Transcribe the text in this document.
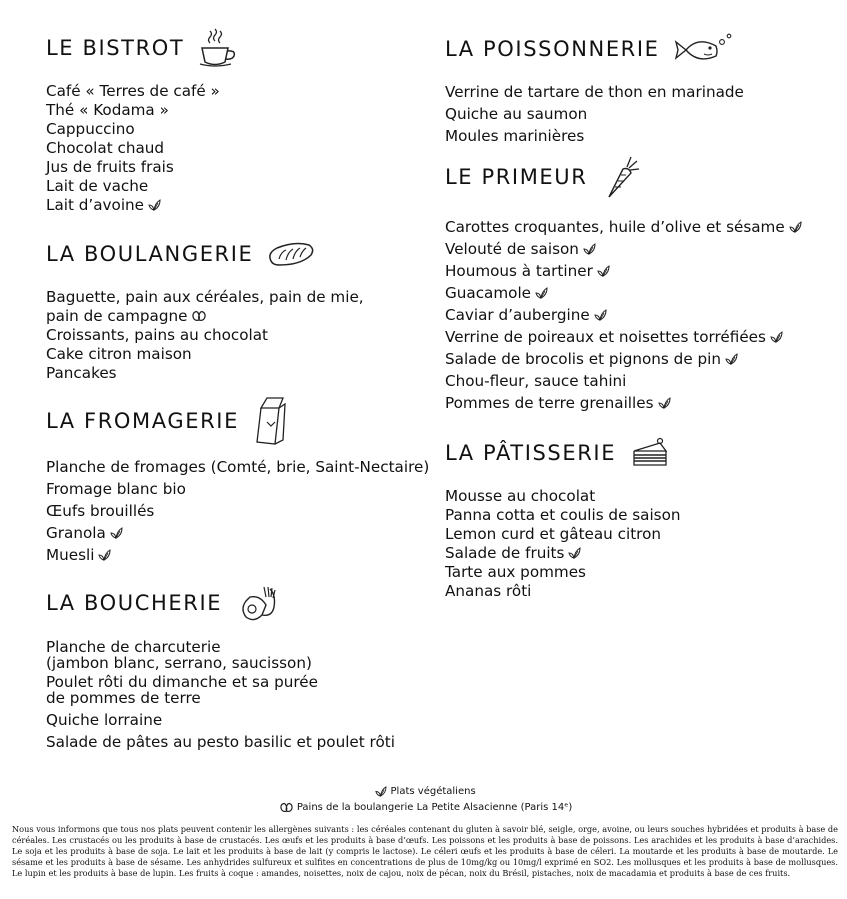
LE BISTROT
Café « Terres de café »
Thé « Kodama »
Cappuccino
Chocolat chaud
Jus de fruits frais
Lait de vache
Lait d’avoine
LA BOULANGERIE
Baguette, pain aux céréales, pain de mie,
pain de campagne
Croissants, pains au chocolat
Cake citron maison
Pancakes
LA FROMAGERIE
Planche de fromages (Comté, brie, Saint-Nectaire)
Fromage blanc bio
Œufs brouillés
Granola
Muesli
LA BOUCHERIE
Planche de charcuterie
(jambon blanc, serrano, saucisson)
Poulet rôti du dimanche et sa purée
de pommes de terre
Quiche lorraine
Salade de pâtes au pesto basilic et poulet rôti
LA POISSONNERIE
Verrine de tartare de thon en marinade
Quiche au saumon
Moules marinières
LE PRIMEUR
Carottes croquantes, huile d’olive et sésame
Velouté de saison
Houmous à tartiner
Guacamole
Caviar d’aubergine
Verrine de poireaux et noisettes torréfiées
Salade de brocolis et pignons de pin
Chou-fleur, sauce tahini
Pommes de terre grenailles
LA PÂTISSERIE
Mousse au chocolat
Panna cotta et coulis de saison
Lemon curd et gâteau citron
Salade de fruits
Tarte aux pommes
Ananas rôti
Plats végétaliens
Pains de la boulangerie La Petite Alsacienne (Paris 14ᵉ)
Nous vous informons que tous nos plats peuvent contenir les allergènes suivants : les céréales contenant du gluten à savoir blé, seigle, orge, avoine, ou leurs souches hybridées et produits à base de céréales. Les crustacés ou les produits à base de crustacés. Les œufs et les produits à base d’œufs. Les poissons et les produits à base de poissons. Les arachides et les produits à base d’arachides. Le soja et les produits à base de soja. Le lait et les produits à base de lait (y compris le lactose). Le céleri œufs et les produits à base de céleri. La moutarde et les produits à base de moutarde. Le sésame et les produits à base de sésame. Les anhydrides sulfureux et sulfites en concentrations de plus de 10mg/kg ou 10mg/l exprimé en SO2. Les mollusques et les produits à base de mollusques. Le lupin et les produits à base de lupin. Les fruits à coque : amandes, noisettes, noix de cajou, noix de pécan, noix du Brésil, pistaches, noix de macadamia et produits à base de ces fruits.
